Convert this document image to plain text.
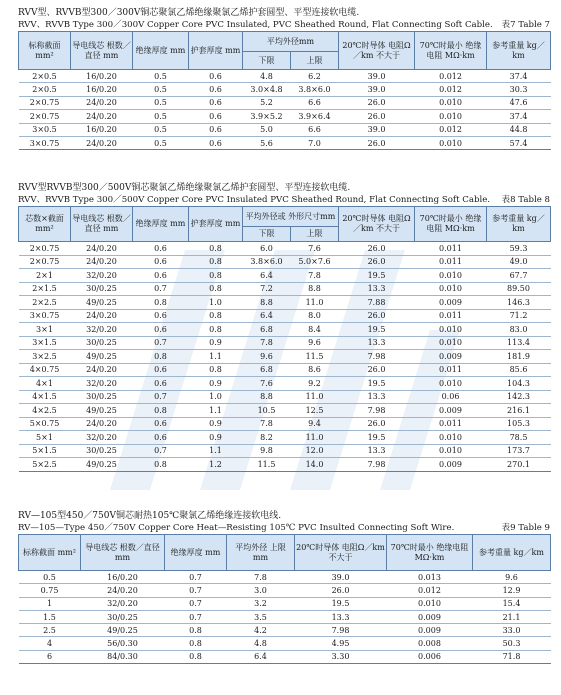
RVV型、RVVB型300／300V铜芯聚氯乙烯绝缘聚氯乙烯护套圆型、平型连接软电缆.
RVV、RVVB Type 300／300V Copper Core PVC Insulated, PVC Sheathed Round, Flat Connecting Soft Cable. 表7 Table 7
标称截面 mm²	导电线芯 根数／直径 mm	绝缘厚度 mm	护套厚度 mm	平均外径mm		20℃时导体 电阻Ω／km 不大于	70℃时最小 绝缘电阻 MΩ·km	参考重量 kg／km
				下限	上限			
2×0.5	16/0.20	0.5	0.6	4.8	6.2	39.0	0.012	37.4
2×0.5	16/0.20	0.5	0.6	3.0×4.8	3.8×6.0	39.0	0.012	30.3
2×0.75	24/0.20	0.5	0.6	5.2	6.6	26.0	0.010	47.6
2×0.75	24/0.20	0.5	0.6	3.9×5.2	3.9×6.4	26.0	0.010	37.4
3×0.5	16/0.20	0.5	0.6	5.0	6.6	39.0	0.012	44.8
3×0.75	24/0.20	0.5	0.6	5.6	7.0	26.0	0.010	57.4
RVV型RVVB型300／500V铜芯聚氯乙烯绝缘聚氯乙烯护套圆型、平型连接软电缆.
RVV、RVVB Type 300／500V Copper Core PVC Insulated PVC Sheathed Round, Flat Connecting Soft Cable. 表8 Table 8
芯数×截面 mm²	导电线芯 根数／直径 mm	绝缘厚度 mm	护套厚度 mm	平均外径或 外形尺寸mm		20℃时导体 电阻Ω／km 不大于	70℃时最小 绝缘电阻 MΩ·km	参考重量 kg／km
				下限	上限			
2×0.75	24/0.20	0.6	0.8	6.0	7.6	26.0	0.011	59.3
2×0.75	24/0.20	0.6	0.8	3.8×6.0	5.0×7.6	26.0	0.011	49.0
2×1	32/0.20	0.6	0.8	6.4	7.8	19.5	0.010	67.7
2×1.5	30/0.25	0.7	0.8	7.2	8.8	13.3	0.010	89.50
2×2.5	49/0.25	0.8	1.0	8.8	11.0	7.88	0.009	146.3
3×0.75	24/0.20	0.6	0.8	6.4	8.0	26.0	0.011	71.2
3×1	32/0.20	0.6	0.8	6.8	8.4	19.5	0.010	83.0
3×1.5	30/0.25	0.7	0.9	7.8	9.6	13.3	0.010	113.4
3×2.5	49/0.25	0.8	1.1	9.6	11.5	7.98	0.009	181.9
4×0.75	24/0.20	0.6	0.8	6.8	8.6	26.0	0.011	85.6
4×1	32/0.20	0.6	0.9	7.6	9.2	19.5	0.010	104.3
4×1.5	30/0.25	0.7	1.0	8.8	11.0	13.3	0.06	142.3
4×2.5	49/0.25	0.8	1.1	10.5	12.5	7.98	0.009	216.1
5×0.75	24/0.20	0.6	0.9	7.8	9.4	26.0	0.011	105.3
5×1	32/0.20	0.6	0.9	8.2	11.0	19.5	0.010	78.5
5×1.5	30/0.25	0.7	1.1	9.8	12.0	13.3	0.010	173.7
5×2.5	49/0.25	0.8	1.2	11.5	14.0	7.98	0.009	270.1
RV—105型450／750V铜芯耐热105℃聚氯乙烯绝缘连接软电线.
RV—105—Type 450／750V Copper Core Heat—Resisting 105℃ PVC Insulted Connecting Soft Wire.	表9 Table 9
标称截面 mm²	导电线芯 根数／直径 mm	绝缘厚度 mm	平均外径 上限mm	20℃时导体 电阻Ω／km 不大于	70℃时最小 绝缘电阻 MΩ·km	参考重量 kg／km
0.5	16/0.20	0.7	7.8	39.0	0.013	9.6
0.75	24/0.20	0.7	3.0	26.0	0.012	12.9
1	32/0.20	0.7	3.2	19.5	0.010	15.4
1.5	30/0.25	0.7	3.5	13.3	0.009	21.1
2.5	49/0.25	0.8	4.2	7.98	0.009	33.0
4	56/0.30	0.8	4.8	4.95	0.008	50.3
6	84/0.30	0.8	6.4	3.30	0.006	71.8
